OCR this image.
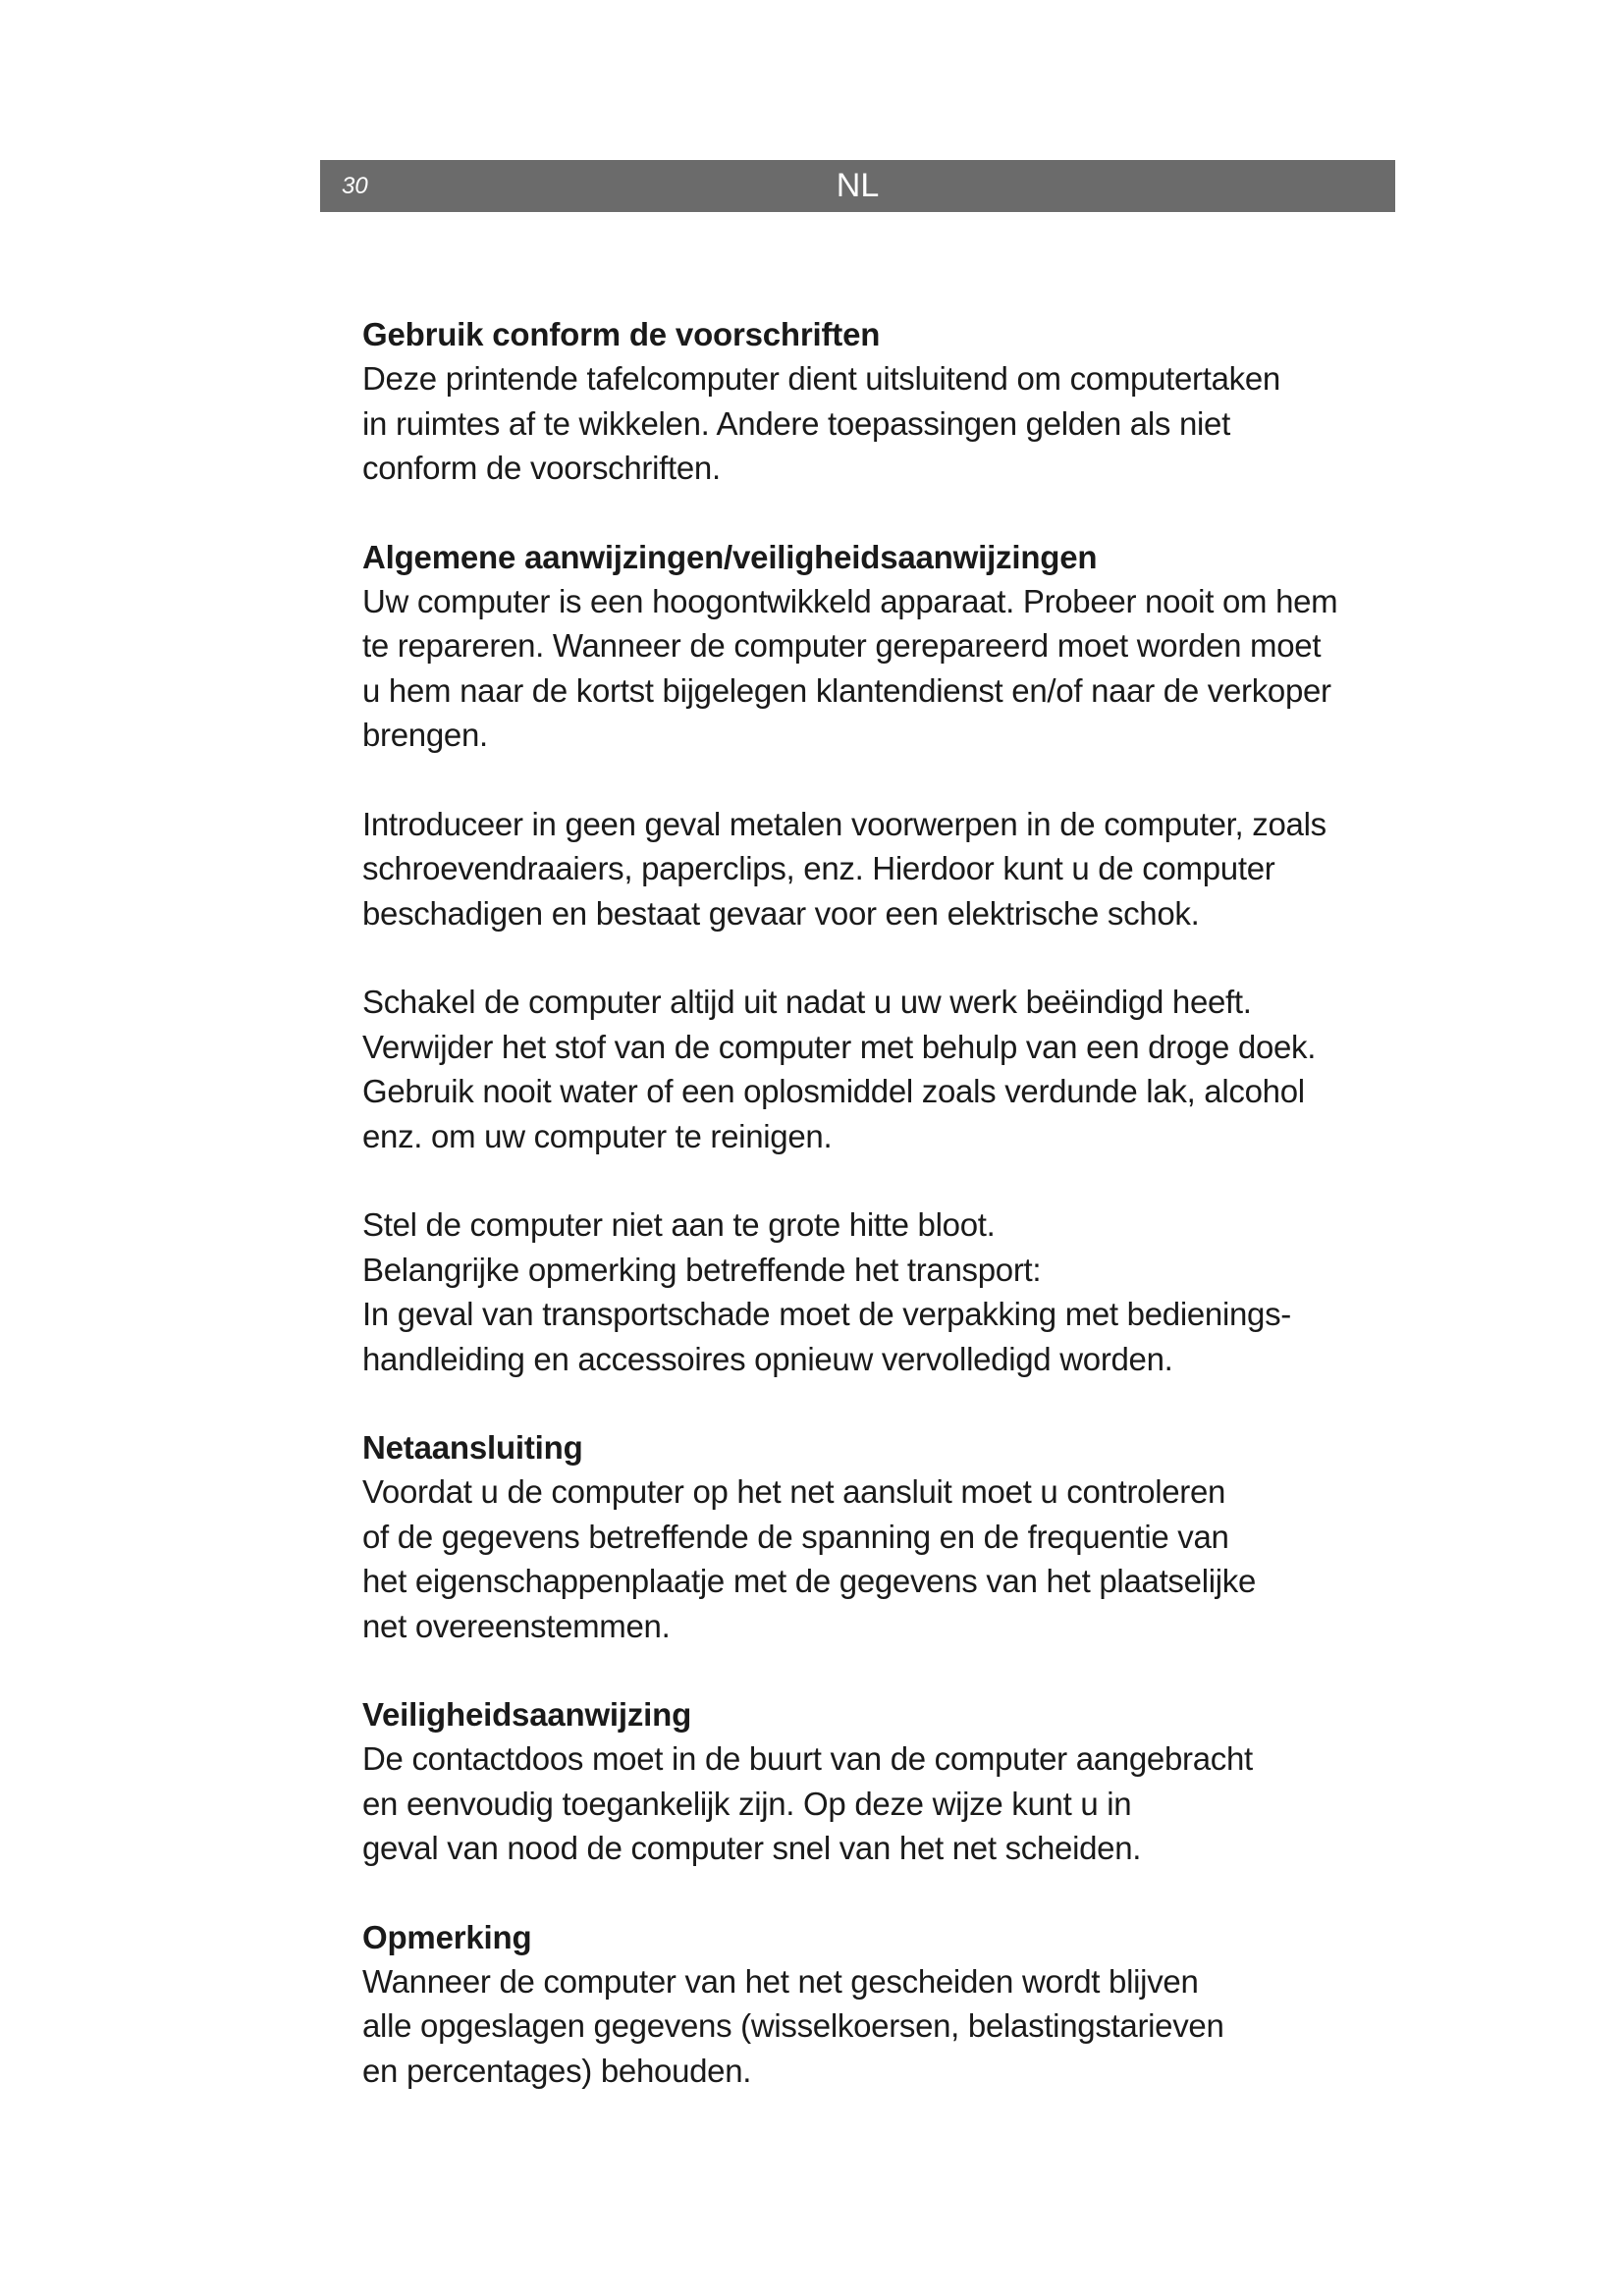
30	NL

Gebruik conform de voorschriften

Deze printende tafelcomputer dient uitsluitend om computertaken

in ruimtes af te wikkelen. Andere toepassingen gelden als niet

conform de voorschriften.

Algemene aanwijzingen/veiligheidsaanwijzingen

Uw computer is een hoogontwikkeld apparaat. Probeer nooit om hem

te repareren. Wanneer de computer gerepareerd moet worden moet

u hem naar de kortst bijgelegen klantendienst en/of naar de verkoper

brengen.

Introduceer in geen geval metalen voorwerpen in de computer, zoals

schroevendraaiers, paperclips, enz. Hierdoor kunt u de computer

beschadigen en bestaat gevaar voor een elektrische schok.

Schakel de computer altijd uit nadat u uw werk beëindigd heeft.

Verwijder het stof van de computer met behulp van een droge doek.

Gebruik nooit water of een oplosmiddel zoals verdunde lak, alcohol

enz. om uw computer te reinigen.

Stel de computer niet aan te grote hitte bloot.

Belangrijke opmerking betreffende het transport:

In geval van transportschade moet de verpakking met bedienings-

handleiding en accessoires opnieuw vervolledigd worden.

Netaansluiting

Voordat u de computer op het net aansluit moet u controleren

of de gegevens betreffende de spanning en de frequentie van

het eigenschappenplaatje met de gegevens van het plaatselijke

net overeenstemmen.

Veiligheidsaanwijzing

De contactdoos moet in de buurt van de computer aangebracht

en eenvoudig toegankelijk zijn. Op deze wijze kunt u in

geval van nood de computer snel van het net scheiden.

Opmerking

Wanneer de computer van het net gescheiden wordt blijven

alle opgeslagen gegevens (wisselkoersen, belastingstarieven

en percentages) behouden.
